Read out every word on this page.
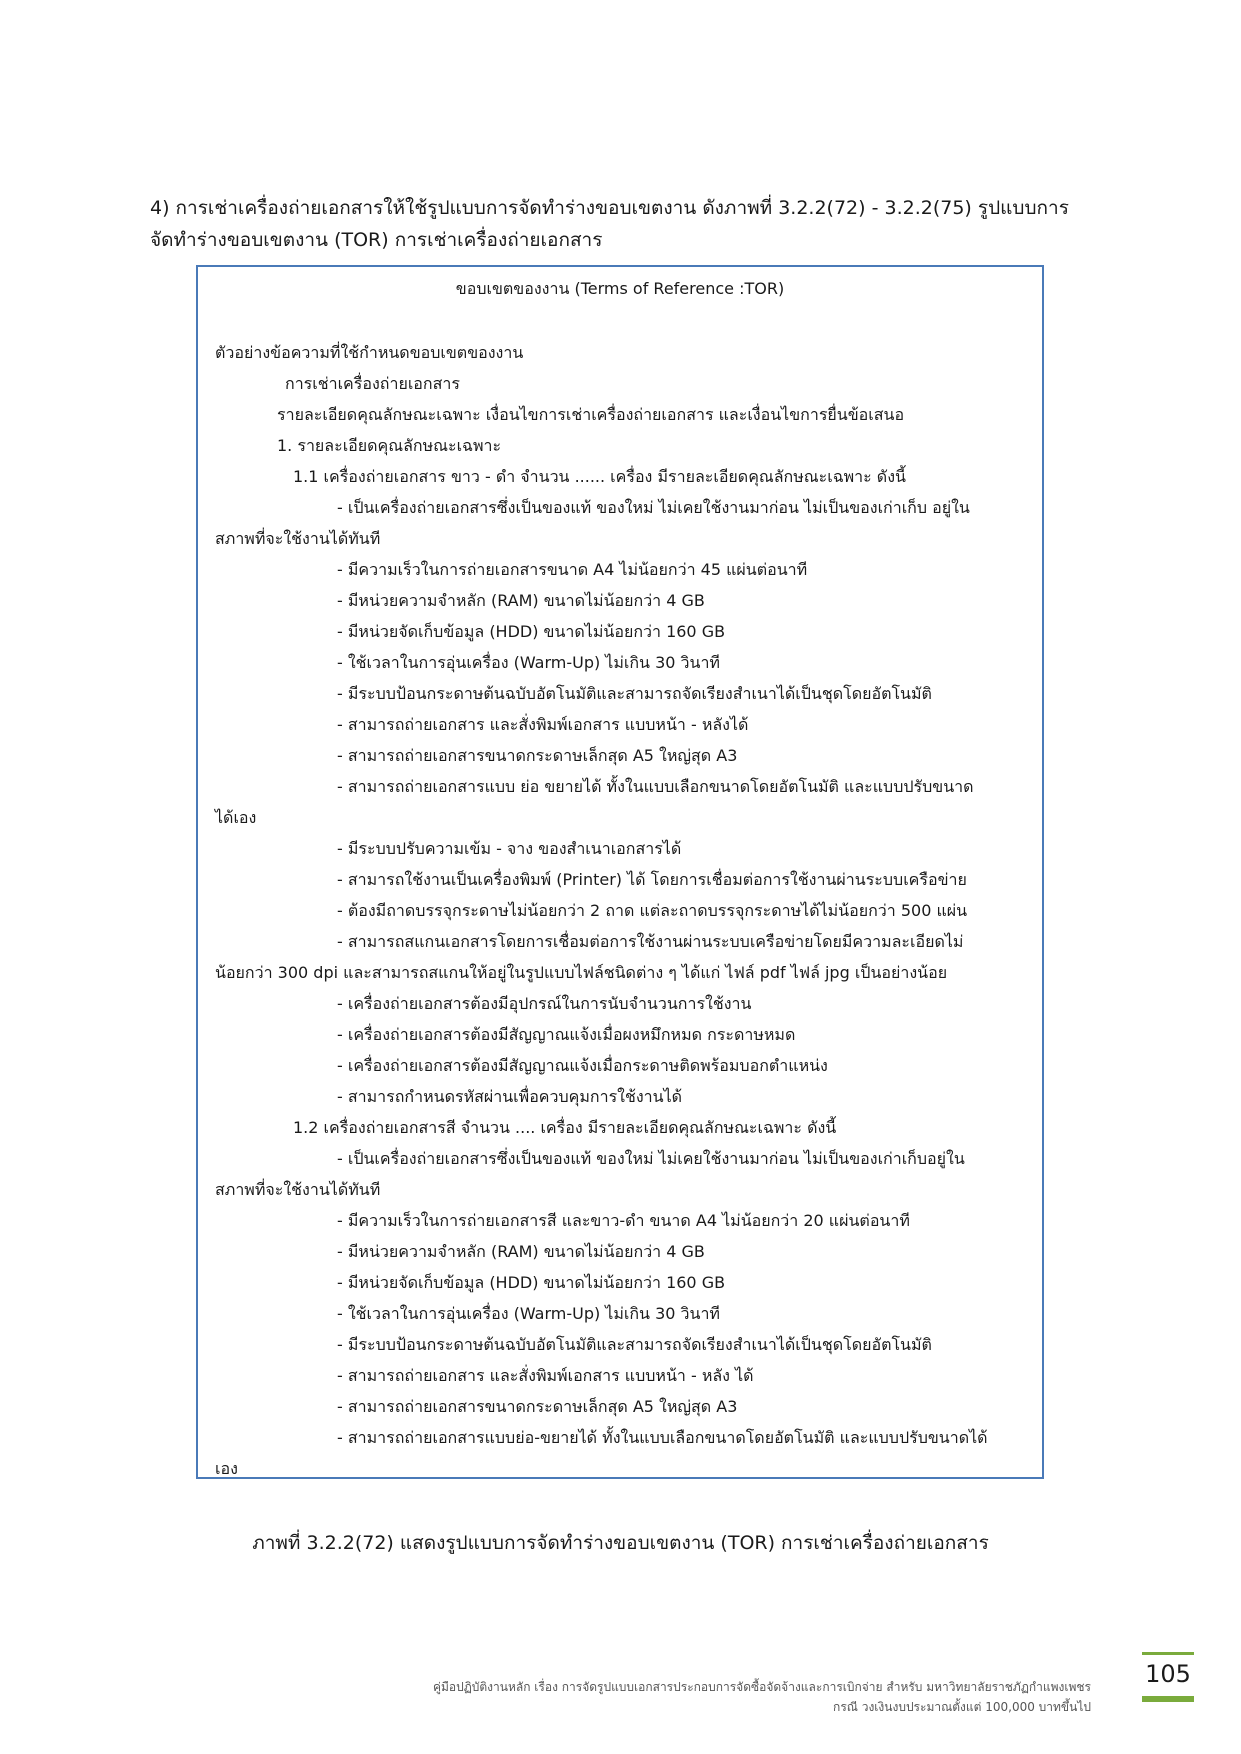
4) การเช่าเครื่องถ่ายเอกสารให้ใช้รูปแบบการจัดทำร่างขอบเขตงาน ดังภาพที่ 3.2.2(72) - 3.2.2(75) รูปแบบการ

จัดทำร่างขอบเขตงาน (TOR) การเช่าเครื่องถ่ายเอกสาร

ขอบเขตของงาน (Terms of Reference :TOR)

ตัวอย่างข้อความที่ใช้กำหนดขอบเขตของงาน

การเช่าเครื่องถ่ายเอกสาร

รายละเอียดคุณลักษณะเฉพาะ เงื่อนไขการเช่าเครื่องถ่ายเอกสาร และเงื่อนไขการยื่นข้อเสนอ

1. รายละเอียดคุณลักษณะเฉพาะ

1.1 เครื่องถ่ายเอกสาร ขาว - ดำ จำนวน ...... เครื่อง มีรายละเอียดคุณลักษณะเฉพาะ ดังนี้

- เป็นเครื่องถ่ายเอกสารซึ่งเป็นของแท้ ของใหม่ ไม่เคยใช้งานมาก่อน ไม่เป็นของเก่าเก็บ อยู่ใน

สภาพที่จะใช้งานได้ทันที

- มีความเร็วในการถ่ายเอกสารขนาด A4 ไม่น้อยกว่า 45 แผ่นต่อนาที

- มีหน่วยความจำหลัก (RAM) ขนาดไม่น้อยกว่า 4 GB

- มีหน่วยจัดเก็บข้อมูล (HDD) ขนาดไม่น้อยกว่า 160 GB

- ใช้เวลาในการอุ่นเครื่อง (Warm-Up) ไม่เกิน 30 วินาที

- มีระบบป้อนกระดาษต้นฉบับอัตโนมัติและสามารถจัดเรียงสำเนาได้เป็นชุดโดยอัตโนมัติ

- สามารถถ่ายเอกสาร และสั่งพิมพ์เอกสาร แบบหน้า - หลังได้

- สามารถถ่ายเอกสารขนาดกระดาษเล็กสุด A5 ใหญ่สุด A3

- สามารถถ่ายเอกสารแบบ ย่อ ขยายได้ ทั้งในแบบเลือกขนาดโดยอัตโนมัติ และแบบปรับขนาด

ได้เอง

- มีระบบปรับความเข้ม - จาง ของสำเนาเอกสารได้

- สามารถใช้งานเป็นเครื่องพิมพ์ (Printer) ได้ โดยการเชื่อมต่อการใช้งานผ่านระบบเครือข่าย

- ต้องมีถาดบรรจุกระดาษไม่น้อยกว่า 2 ถาด แต่ละถาดบรรจุกระดาษได้ไม่น้อยกว่า 500 แผ่น

- สามารถสแกนเอกสารโดยการเชื่อมต่อการใช้งานผ่านระบบเครือข่ายโดยมีความละเอียดไม่

น้อยกว่า 300 dpi และสามารถสแกนให้อยู่ในรูปแบบไฟล์ชนิดต่าง ๆ ได้แก่ ไฟล์ pdf ไฟล์ jpg เป็นอย่างน้อย

- เครื่องถ่ายเอกสารต้องมีอุปกรณ์ในการนับจำนวนการใช้งาน

- เครื่องถ่ายเอกสารต้องมีสัญญาณแจ้งเมื่อผงหมึกหมด กระดาษหมด

- เครื่องถ่ายเอกสารต้องมีสัญญาณแจ้งเมื่อกระดาษติดพร้อมบอกตำแหน่ง

- สามารถกำหนดรหัสผ่านเพื่อควบคุมการใช้งานได้

1.2 เครื่องถ่ายเอกสารสี จำนวน .... เครื่อง มีรายละเอียดคุณลักษณะเฉพาะ ดังนี้

- เป็นเครื่องถ่ายเอกสารซึ่งเป็นของแท้ ของใหม่ ไม่เคยใช้งานมาก่อน ไม่เป็นของเก่าเก็บอยู่ใน

สภาพที่จะใช้งานได้ทันที

- มีความเร็วในการถ่ายเอกสารสี และขาว-ดำ ขนาด A4 ไม่น้อยกว่า 20 แผ่นต่อนาที

- มีหน่วยความจำหลัก (RAM) ขนาดไม่น้อยกว่า 4 GB

- มีหน่วยจัดเก็บข้อมูล (HDD) ขนาดไม่น้อยกว่า 160 GB

- ใช้เวลาในการอุ่นเครื่อง (Warm-Up) ไม่เกิน 30 วินาที

- มีระบบป้อนกระดาษต้นฉบับอัตโนมัติและสามารถจัดเรียงสำเนาได้เป็นชุดโดยอัตโนมัติ

- สามารถถ่ายเอกสาร และสั่งพิมพ์เอกสาร แบบหน้า - หลัง ได้

- สามารถถ่ายเอกสารขนาดกระดาษเล็กสุด A5 ใหญ่สุด A3

- สามารถถ่ายเอกสารแบบย่อ-ขยายได้ ทั้งในแบบเลือกขนาดโดยอัตโนมัติ และแบบปรับขนาดได้

เอง

ภาพที่ 3.2.2(72) แสดงรูปแบบการจัดทำร่างขอบเขตงาน (TOR) การเช่าเครื่องถ่ายเอกสาร
คู่มือปฏิบัติงานหลัก เรื่อง การจัดรูปแบบเอกสารประกอบการจัดซื้อจัดจ้างและการเบิกจ่าย สำหรับ มหาวิทยาลัยราชภัฏกำแพงเพชร
กรณี วงเงินงบประมาณตั้งแต่ 100,000 บาทขึ้นไป
105
